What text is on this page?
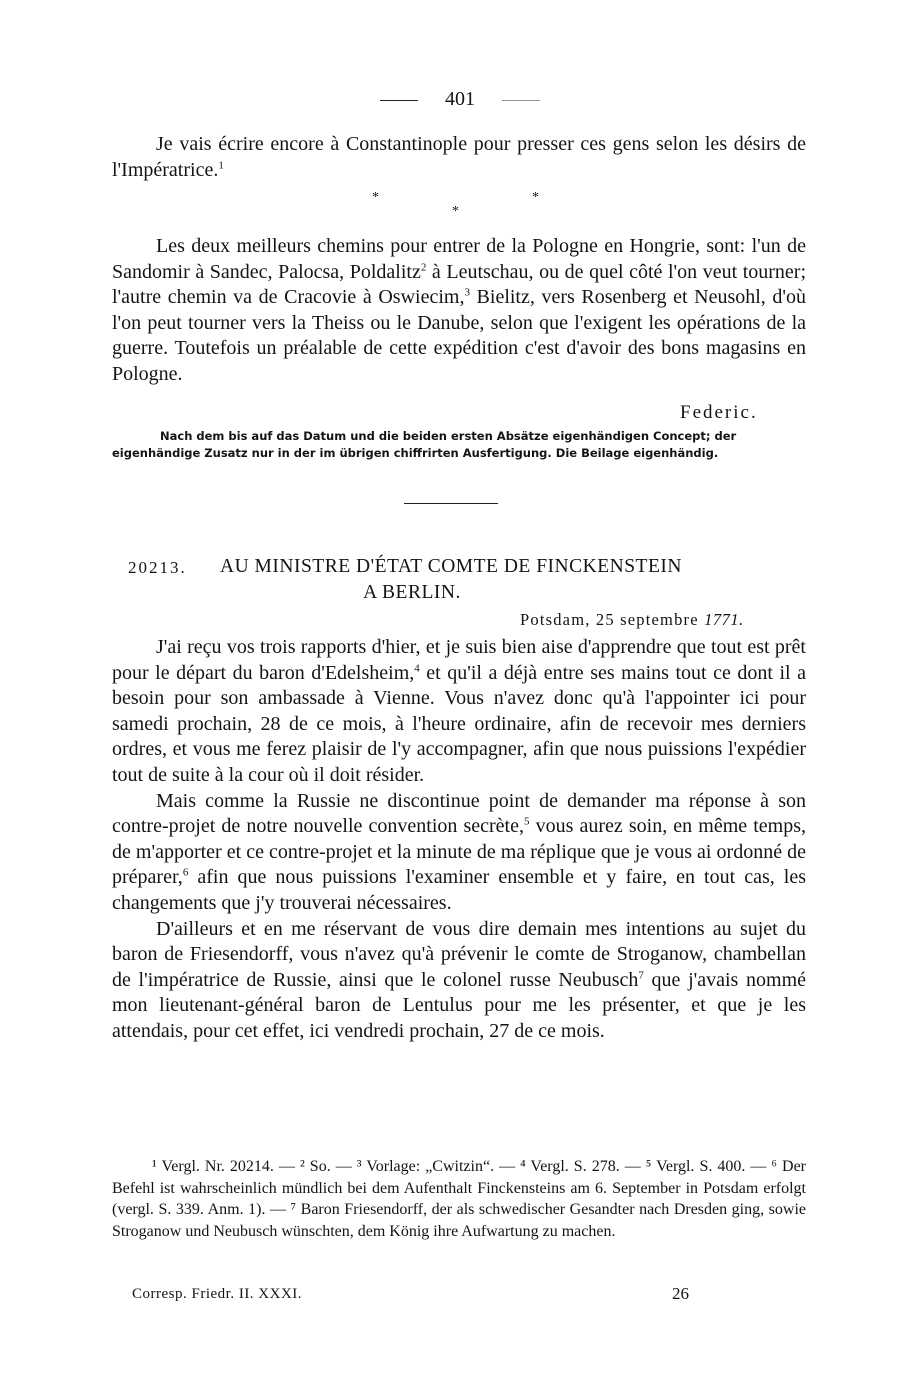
401

Je vais écrire encore à Constantinople pour presser ces gens selon les désirs de l'Impératrice.$^1$

*
*
*

Les deux meilleurs chemins pour entrer de la Pologne en Hongrie, sont: l'un de Sandomir à Sandec, Palocsa, Poldalitz$^2$ à Leutschau, ou de quel côté l'on veut tourner; l'autre chemin va de Cracovie à Oswiecim,$^3$ Bielitz, vers Rosenberg et Neusohl, d'où l'on peut tourner vers la Theiss ou le Danube, selon que l'exigent les opérations de la guerre. Toutefois un préalable de cette expédition c'est d'avoir des bons magasins en Pologne.

Federic.
Nach dem bis auf das Datum und die beiden ersten Absätze eigenhändigen Concept; der
eigenhändige Zusatz nur in der im übrigen chiffrirten Ausfertigung. Die Beilage eigenhändig.
20213. AU MINISTRE D'ÉTAT COMTE DE FINCKENSTEIN
A BERLIN.
Potsdam, 25 septembre 1771.

J'ai reçu vos trois rapports d'hier, et je suis bien aise d'apprendre que tout est prêt pour le départ du baron d'Edelsheim,$^4$ et qu'il a déjà entre ses mains tout ce dont il a besoin pour son ambassade à Vienne. Vous n'avez donc qu'à l'appointer ici pour samedi prochain, 28 de ce mois, à l'heure ordinaire, afin de recevoir mes derniers ordres, et vous me ferez plaisir de l'y accompagner, afin que nous puissions l'expédier tout de suite à la cour où il doit résider.

Mais comme la Russie ne discontinue point de demander ma réponse à son contre-projet de notre nouvelle convention secrète,$^5$ vous aurez soin, en même temps, de m'apporter et ce contre-projet et la minute de ma réplique que je vous ai ordonné de préparer,$^6$ afin que nous puissions l'examiner ensemble et y faire, en tout cas, les changements que j'y trouverai nécessaires.

D'ailleurs et en me réservant de vous dire demain mes intentions au sujet du baron de Friesendorff, vous n'avez qu'à prévenir le comte de Stroganow, chambellan de l'impératrice de Russie, ainsi que le colonel russe Neubusch$^7$ que j'avais nommé mon lieutenant-général baron de Lentulus pour me les présenter, et que je les attendais, pour cet effet, ici vendredi prochain, 27 de ce mois.

¹ Vergl. Nr. 20214. — ² So. — ³ Vorlage: „Cwitzin“. — ⁴ Vergl. S. 278. — ⁵ Vergl. S. 400. — ⁶ Der Befehl ist wahrscheinlich mündlich bei dem Aufenthalt Finckensteins am 6. September in Potsdam erfolgt (vergl. S. 339. Anm. 1). — ⁷ Baron Friesendorff, der als schwedischer Gesandter nach Dresden ging, sowie Stroganow und Neubusch wünschten, dem König ihre Aufwartung zu machen.

Corresp. Friedr. II. XXXI.	26
